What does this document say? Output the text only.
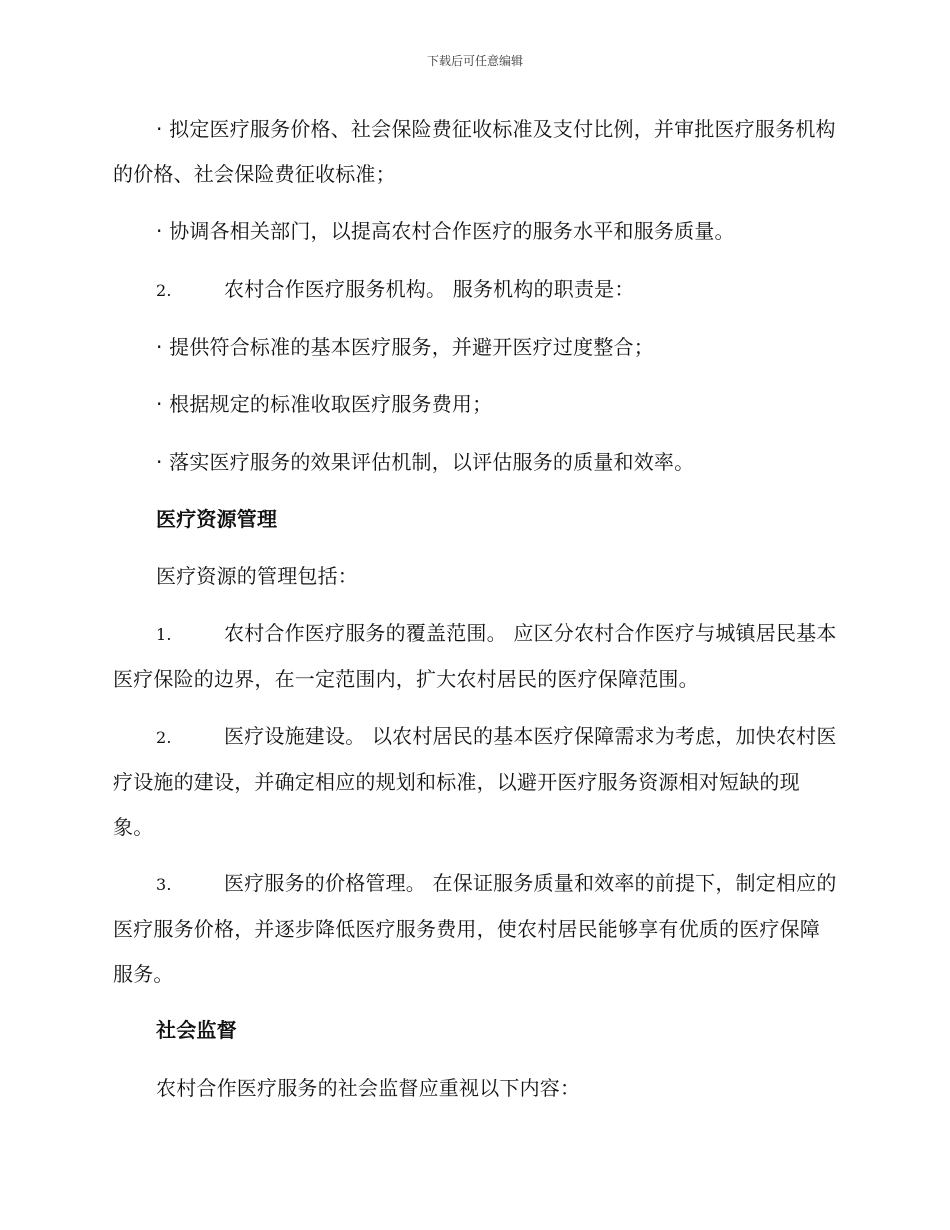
下载后可任意编辑

· 拟定医疗服务价格、社会保险费征收标准及支付比例，并审批医疗服务机构的价格、社会保险费征收标准；

· 协调各相关部门，以提高农村合作医疗的服务水平和服务质量。

2.	农村合作医疗服务机构。 服务机构的职责是：

· 提供符合标准的基本医疗服务，并避开医疗过度整合；

· 根据规定的标准收取医疗服务费用；

· 落实医疗服务的效果评估机制，以评估服务的质量和效率。

医疗资源管理

医疗资源的管理包括：

1.	农村合作医疗服务的覆盖范围。 应区分农村合作医疗与城镇居民基本医疗保险的边界，在一定范围内，扩大农村居民的医疗保障范围。

2.	医疗设施建设。 以农村居民的基本医疗保障需求为考虑，加快农村医疗设施的建设，并确定相应的规划和标准，以避开医疗服务资源相对短缺的现象。

3.	医疗服务的价格管理。 在保证服务质量和效率的前提下，制定相应的医疗服务价格，并逐步降低医疗服务费用，使农村居民能够享有优质的医疗保障服务。

社会监督

农村合作医疗服务的社会监督应重视以下内容：
